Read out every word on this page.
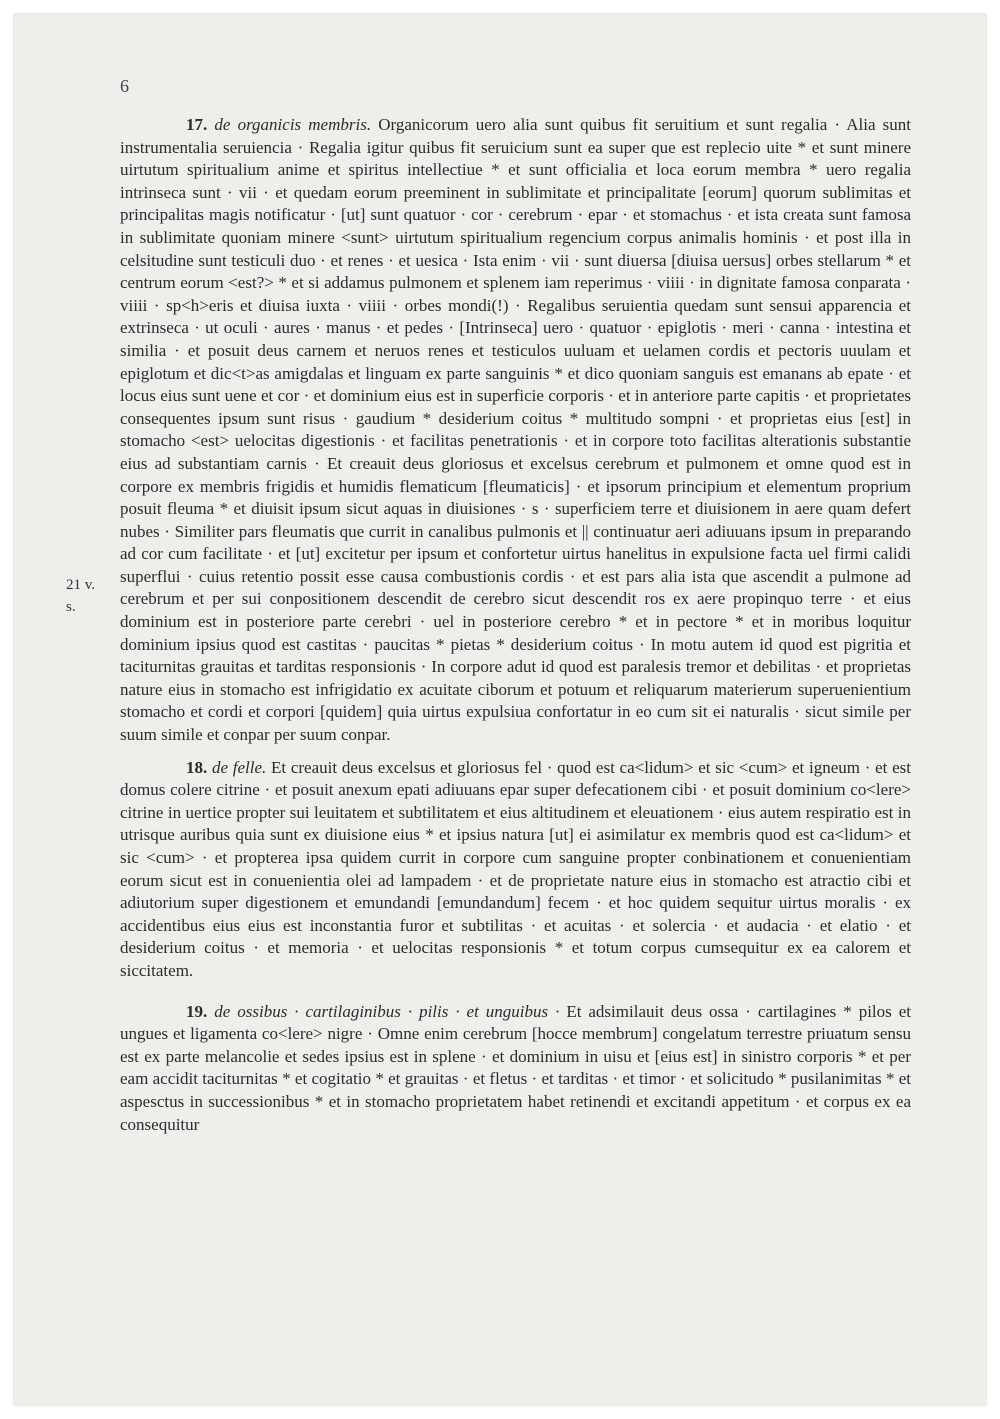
6
21 v.
s.

17. de organicis membris. Organicorum uero alia sunt quibus fit seruitium et sunt regalia · Alia sunt instrumentalia seruiencia · Regalia igitur quibus fit seruicium sunt ea super que est replecio uite * et sunt minere uirtutum spiritualium anime et spiritus intellectiue * et sunt officialia et loca eorum membra * uero regalia intrinseca sunt · vii · et quedam eorum preeminent in sublimitate et principalitate [eorum] quorum sublimitas et principalitas magis notificatur · [ut] sunt quatuor · cor · cerebrum · epar · et stomachus · et ista creata sunt famosa in sublimitate quoniam minere <sunt> uirtutum spiritualium regencium corpus animalis hominis · et post illa in celsitudine sunt testiculi duo · et renes · et uesica · Ista enim · vii · sunt diuersa [diuisa uersus] orbes stellarum * et centrum eorum <est?> * et si addamus pulmonem et splenem iam reperimus · viiii · in dignitate famosa conparata · viiii · sp<h>eris et diuisa iuxta · viiii · orbes mondi(!) · Regalibus seruientia quedam sunt sensui apparencia et extrinseca · ut oculi · aures · manus · et pedes · [Intrinseca] uero · quatuor · epiglotis · meri · canna · intestina et similia · et posuit deus carnem et neruos renes et testiculos uuluam et uelamen cordis et pectoris uuulam et epiglotum et dic<t>as amigdalas et linguam ex parte sanguinis * et dico quoniam sanguis est emanans ab epate · et locus eius sunt uene et cor · et dominium eius est in superficie corporis · et in anteriore parte capitis · et proprietates consequentes ipsum sunt risus · gaudium * desiderium coitus * multitudo sompni · et proprietas eius [est] in stomacho <est> uelocitas digestionis · et facilitas penetrationis · et in corpore toto facilitas alterationis substantie eius ad substantiam carnis · Et creauit deus gloriosus et excelsus cerebrum et pulmonem et omne quod est in corpore ex membris frigidis et humidis flematicum [fleumaticis] · et ipsorum principium et elementum proprium posuit fleuma * et diuisit ipsum sicut aquas in diuisiones · s · superficiem terre et diuisionem in aere quam defert nubes · Similiter pars fleumatis que currit in canalibus pulmonis et || continuatur aeri adiuuans ipsum in preparando ad cor cum facilitate · et [ut] excitetur per ipsum et confortetur uirtus hanelitus in expulsione facta uel firmi calidi superflui · cuius retentio possit esse causa combustionis cordis · et est pars alia ista que ascendit a pulmone ad cerebrum et per sui conpositionem descendit de cerebro sicut descendit ros ex aere propinquo terre · et eius dominium est in posteriore parte cerebri · uel in posteriore cerebro * et in pectore * et in moribus loquitur dominium ipsius quod est castitas · paucitas * pietas * desiderium coitus · In motu autem id quod est pigritia et taciturnitas grauitas et tarditas responsionis · In corpore adut id quod est paralesis tremor et debilitas · et proprietas nature eius in stomacho est infrigidatio ex acuitate ciborum et potuum et reliquarum materierum superuenientium stomacho et cordi et corpori [quidem] quia uirtus expulsiua confortatur in eo cum sit ei naturalis · sicut simile per suum simile et conpar per suum conpar.

18. de felle. Et creauit deus excelsus et gloriosus fel · quod est ca<lidum> et sic <cum> et igneum · et est domus colere citrine · et posuit anexum epati adiuuans epar super defecationem cibi · et posuit dominium co<lere> citrine in uertice propter sui leuitatem et subtilitatem et eius altitudinem et eleuationem · eius autem respiratio est in utrisque auribus quia sunt ex diuisione eius * et ipsius natura [ut] ei asimilatur ex membris quod est ca<lidum> et sic <cum> · et propterea ipsa quidem currit in corpore cum sanguine propter conbinationem et conuenientiam eorum sicut est in conuenientia olei ad lampadem · et de proprietate nature eius in stomacho est atractio cibi et adiutorium super digestionem et emundandi [emundandum] fecem · et hoc quidem sequitur uirtus moralis · ex accidentibus eius eius est inconstantia furor et subtilitas · et acuitas · et solercia · et audacia · et elatio · et desiderium coitus · et memoria · et uelocitas responsionis * et totum corpus cumsequitur ex ea calorem et siccitatem.

19. de ossibus · cartilaginibus · pilis · et unguibus · Et adsimilauit deus ossa · cartilagines * pilos et ungues et ligamenta co<lere> nigre · Omne enim cerebrum [hocce membrum] congelatum terrestre priuatum sensu est ex parte melancolie et sedes ipsius est in splene · et dominium in uisu et [eius est] in sinistro corporis * et per eam accidit taciturnitas * et cogitatio * et grauitas · et fletus · et tarditas · et timor · et solicitudo * pusilanimitas * et aspesctus in successionibus * et in stomacho proprietatem habet retinendi et excitandi appetitum · et corpus ex ea consequitur
